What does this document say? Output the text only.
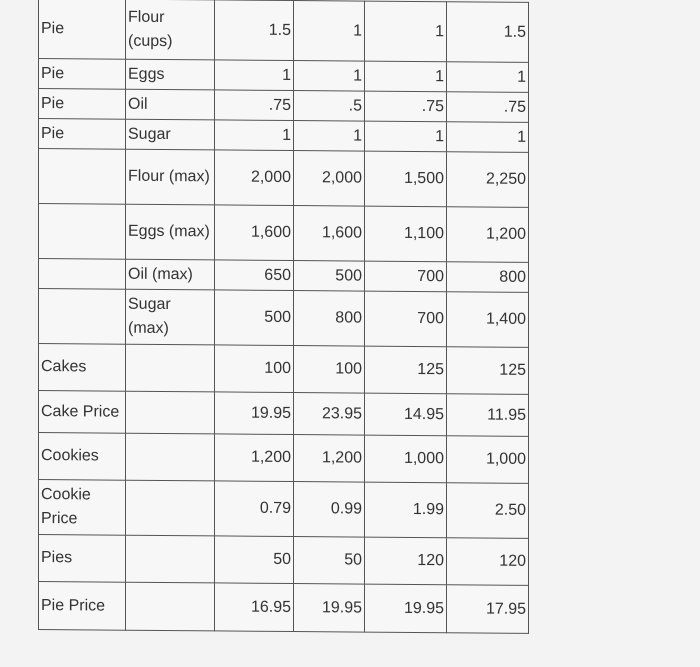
Pie	Flour (cups)	1.5	1	1	1.5
Pie	Eggs	1	1	1	1
Pie	Oil	.75	.5	.75	.75
Pie	Sugar	1	1	1	1
	Flour (max)	2,000	2,000	1,500	2,250
	Eggs (max)	1,600	1,600	1,100	1,200
	Oil (max)	650	500	700	800
	Sugar (max)	500	800	700	1,400
Cakes		100	100	125	125
Cake Price		19.95	23.95	14.95	11.95
Cookies		1,200	1,200	1,000	1,000
Cookie Price		0.79	0.99	1.99	2.50
Pies		50	50	120	120
Pie Price		16.95	19.95	19.95	17.95
